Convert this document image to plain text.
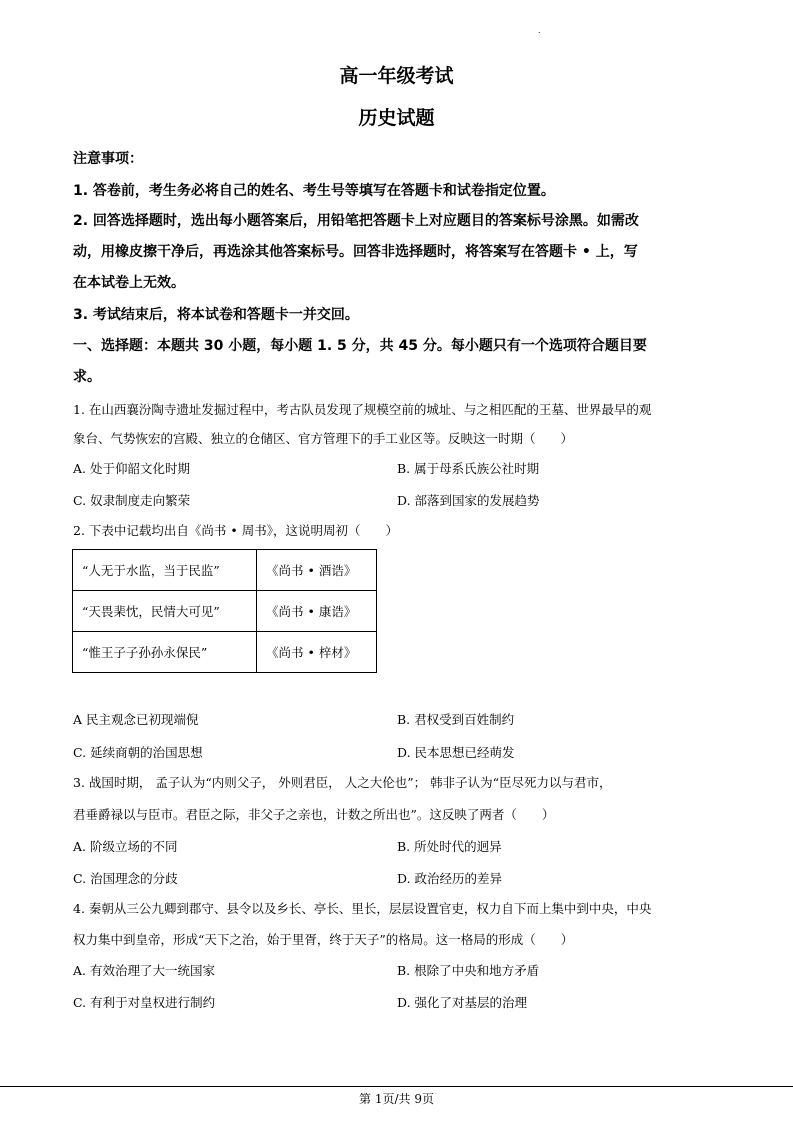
.
高一年级考试
历史试题
注意事项：
1. 答卷前，考生务必将自己的姓名、考生号等填写在答题卡和试卷指定位置。
2. 回答选择题时，选出每小题答案后，用铅笔把答题卡上对应题目的答案标号涂黑。如需改
动，用橡皮擦干净后，再选涂其他答案标号。回答非选择题时，将答案写在答题卡 • 上，写
在本试卷上无效。
3. 考试结束后，将本试卷和答题卡一并交回。
一、选择题：本题共 30 小题，每小题 1. 5 分，共 45 分。每小题只有一个选项符合题目要
求。
1. 在山西襄汾陶寺遗址发掘过程中，考古队员发现了规模空前的城址、与之相匹配的王墓、世界最早的观
象台、气势恢宏的宫殿、独立的仓储区、官方管理下的手工业区等。反映这一时期（　　）
A. 处于仰韶文化时期	B. 属于母系氏族公社时期
C. 奴隶制度走向繁荣	D. 部落到国家的发展趋势
2. 下表中记载均出自《尚书 • 周书》，这说明周初（　　）
“人无于水监，当于民监”	《尚书 • 酒诰》
“天畏棐忱，民情大可见”	《尚书 • 康诰》
“惟王子子孙孙永保民”	《尚书 • 梓材》
A 民主观念已初现端倪	B. 君权受到百姓制约
C. 延续商朝的治国思想	D. 民本思想已经萌发
3. 战国时期， 孟子认为“内则父子， 外则君臣， 人之大伦也”； 韩非子认为“臣尽死力以与君市，
君垂爵禄以与臣市。君臣之际，非父子之亲也，计数之所出也”。这反映了两者（　　）
A. 阶级立场的不同	B. 所处时代的迥异
C. 治国理念的分歧	D. 政治经历的差异
4. 秦朝从三公九卿到郡守、县令以及乡长、亭长、里长，层层设置官吏，权力自下而上集中到中央，中央
权力集中到皇帝，形成“天下之治，始于里胥，终于天子”的格局。这一格局的形成（　　）
A. 有效治理了大一统国家	B. 根除了中央和地方矛盾
C. 有利于对皇权进行制约	D. 强化了对基层的治理
第 1页/共 9页
